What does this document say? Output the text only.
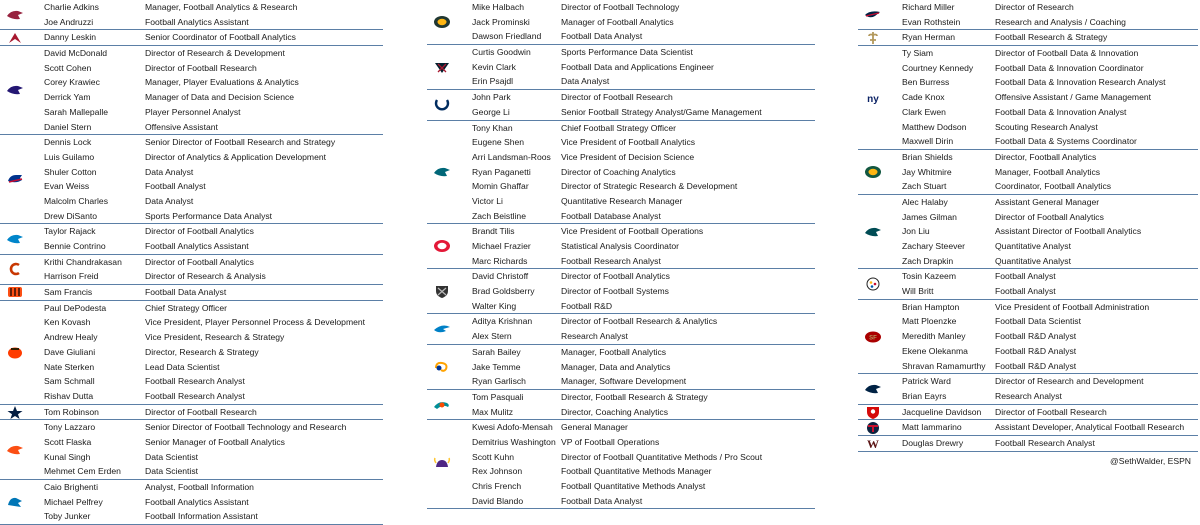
Charlie Adkins	Manager, Football Analytics & Research
Joe Andruzzi	Football Analytics Assistant
Danny Leskin	Senior Coordinator of Football Analytics
David McDonald	Director of Research & Development
Scott Cohen	Director of Football Research
Corey Krawiec	Manager, Player Evaluations & Analytics
Derrick Yam	Manager of Data and Decision Science
Sarah Mallepalle	Player Personnel Analyst
Daniel Stern	Offensive Assistant
Dennis Lock	Senior Director of Football Research and Strategy
Luis Guilamo	Director of Analytics & Application Development
Shuler Cotton	Data Analyst
Evan Weiss	Football Analyst
Malcolm Charles	Data Analyst
Drew DiSanto	Sports Performance Data Analyst
Taylor Rajack	Director of Football Analytics
Bennie Contrino	Football Analytics Assistant
Krithi Chandrakasan	Director of Football Analytics
Harrison Freid	Director of Research & Analysis
Sam Francis	Football Data Analyst
Paul DePodesta	Chief Strategy Officer
Ken Kovash	Vice President, Player Personnel Process & Development
Andrew Healy	Vice President, Research & Strategy
Dave Giuliani	Director, Research & Strategy
Nate Sterken	Lead Data Scientist
Sam Schmall	Football Research Analyst
Rishav Dutta	Football Research Analyst
Tom Robinson	Director of Football Research
Tony Lazzaro	Senior Director of Football Technology and Research
Scott Flaska	Senior Manager of Football Analytics
Kunal Singh	Data Scientist
Mehmet Cem Erden	Data Scientist
Caio Brighenti	Analyst, Football Information
Michael Pelfrey	Football Analytics Assistant
Toby Junker	Football Information Assistant
Mike Halbach	Director of Football Technology
Jack Prominski	Manager of Football Analytics
Dawson Friedland Football Data Analyst
Curtis Goodwin	Sports Performance Data Scientist
Kevin Clark	Football Data and Applications Engineer
Erin Psajdl	Data Analyst
John Park	Director of Football Research
George Li	Senior Football Strategy Analyst/Game Management
Tony Khan	Chief Football Strategy Officer
Eugene Shen	Vice President of Football Analytics
Arri Landsman-Roos Vice President of Decision Science
Ryan Paganetti	Director of Coaching Analytics
Momin Ghaffar	Director of Strategic Research & Development
Victor Li	Quantitative Research Manager
Zach Beistline	Football Database Analyst
Brandt Tilis	Vice President of Football Operations
Michael Frazier	Statistical Analysis Coordinator
Marc Richards	Football Research Analyst
David Christoff	Director of Football Analytics
Brad Goldsberry	Director of Football Systems
Walter King	Football R&D
Aditya Krishnan	Director of Football Research & Analytics
Alex Stern	Research Analyst
Sarah Bailey	Manager, Football Analytics
Jake Temme	Manager, Data and Analytics
Ryan Garlisch	Manager, Software Development
Tom Pasquali	Director, Football Research & Strategy
Max Mulitz	Director, Coaching Analytics
Kwesi Adofo-Mensah General Manager
Demitrius Washington VP of Football Operations
Scott Kuhn	Director of Football Quantitative Methods / Pro Scout
Rex Johnson	Football Quantitative Methods Manager
Chris French	Football Quantitative Methods Analyst
David Blando	Football Data Analyst
Richard Miller	Director of Research
Evan Rothstein	Research and Analysis / Coaching
Ryan Herman	Football Research & Strategy
ny
Ty Siam	Director of Football Data & Innovation
Courtney Kennedy	Football Data & Innovation Coordinator
Ben Burress	Football Data & Innovation Research Analyst
Cade Knox	Offensive Assistant / Game Management
Clark Ewen	Football Data & Innovation Analyst
Matthew Dodson	Scouting Research Analyst
Maxwell Dirin	Football Data & Systems Coordinator
Brian Shields	Director, Football Analytics
Jay Whitmire	Manager, Football Analytics
Zach Stuart	Coordinator, Football Analytics
Alec Halaby	Assistant General Manager
James Gilman	Director of Football Analytics
Jon Liu	Assistant Director of Football Analytics
Zachary Steever	Quantitative Analyst
Zach Drapkin	Quantitative Analyst
Tosin Kazeem	Football Analyst
Will Britt	Football Analyst
SF
Brian Hampton	Vice President of Football Administration
Matt Ploenzke	Football Data Scientist
Meredith Manley	Football R&D Analyst
Ekene Olekanma	Football R&D Analyst
Shravan Ramamurthy Football R&D Analyst
Patrick Ward	Director of Research and Development
Brian Eayrs	Research Analyst
Jacqueline Davidson Director of Football Research
Matt Iammarino	Assistant Developer, Analytical Football Research
W	Douglas Drewry	Football Research Analyst
@SethWalder, ESPN
